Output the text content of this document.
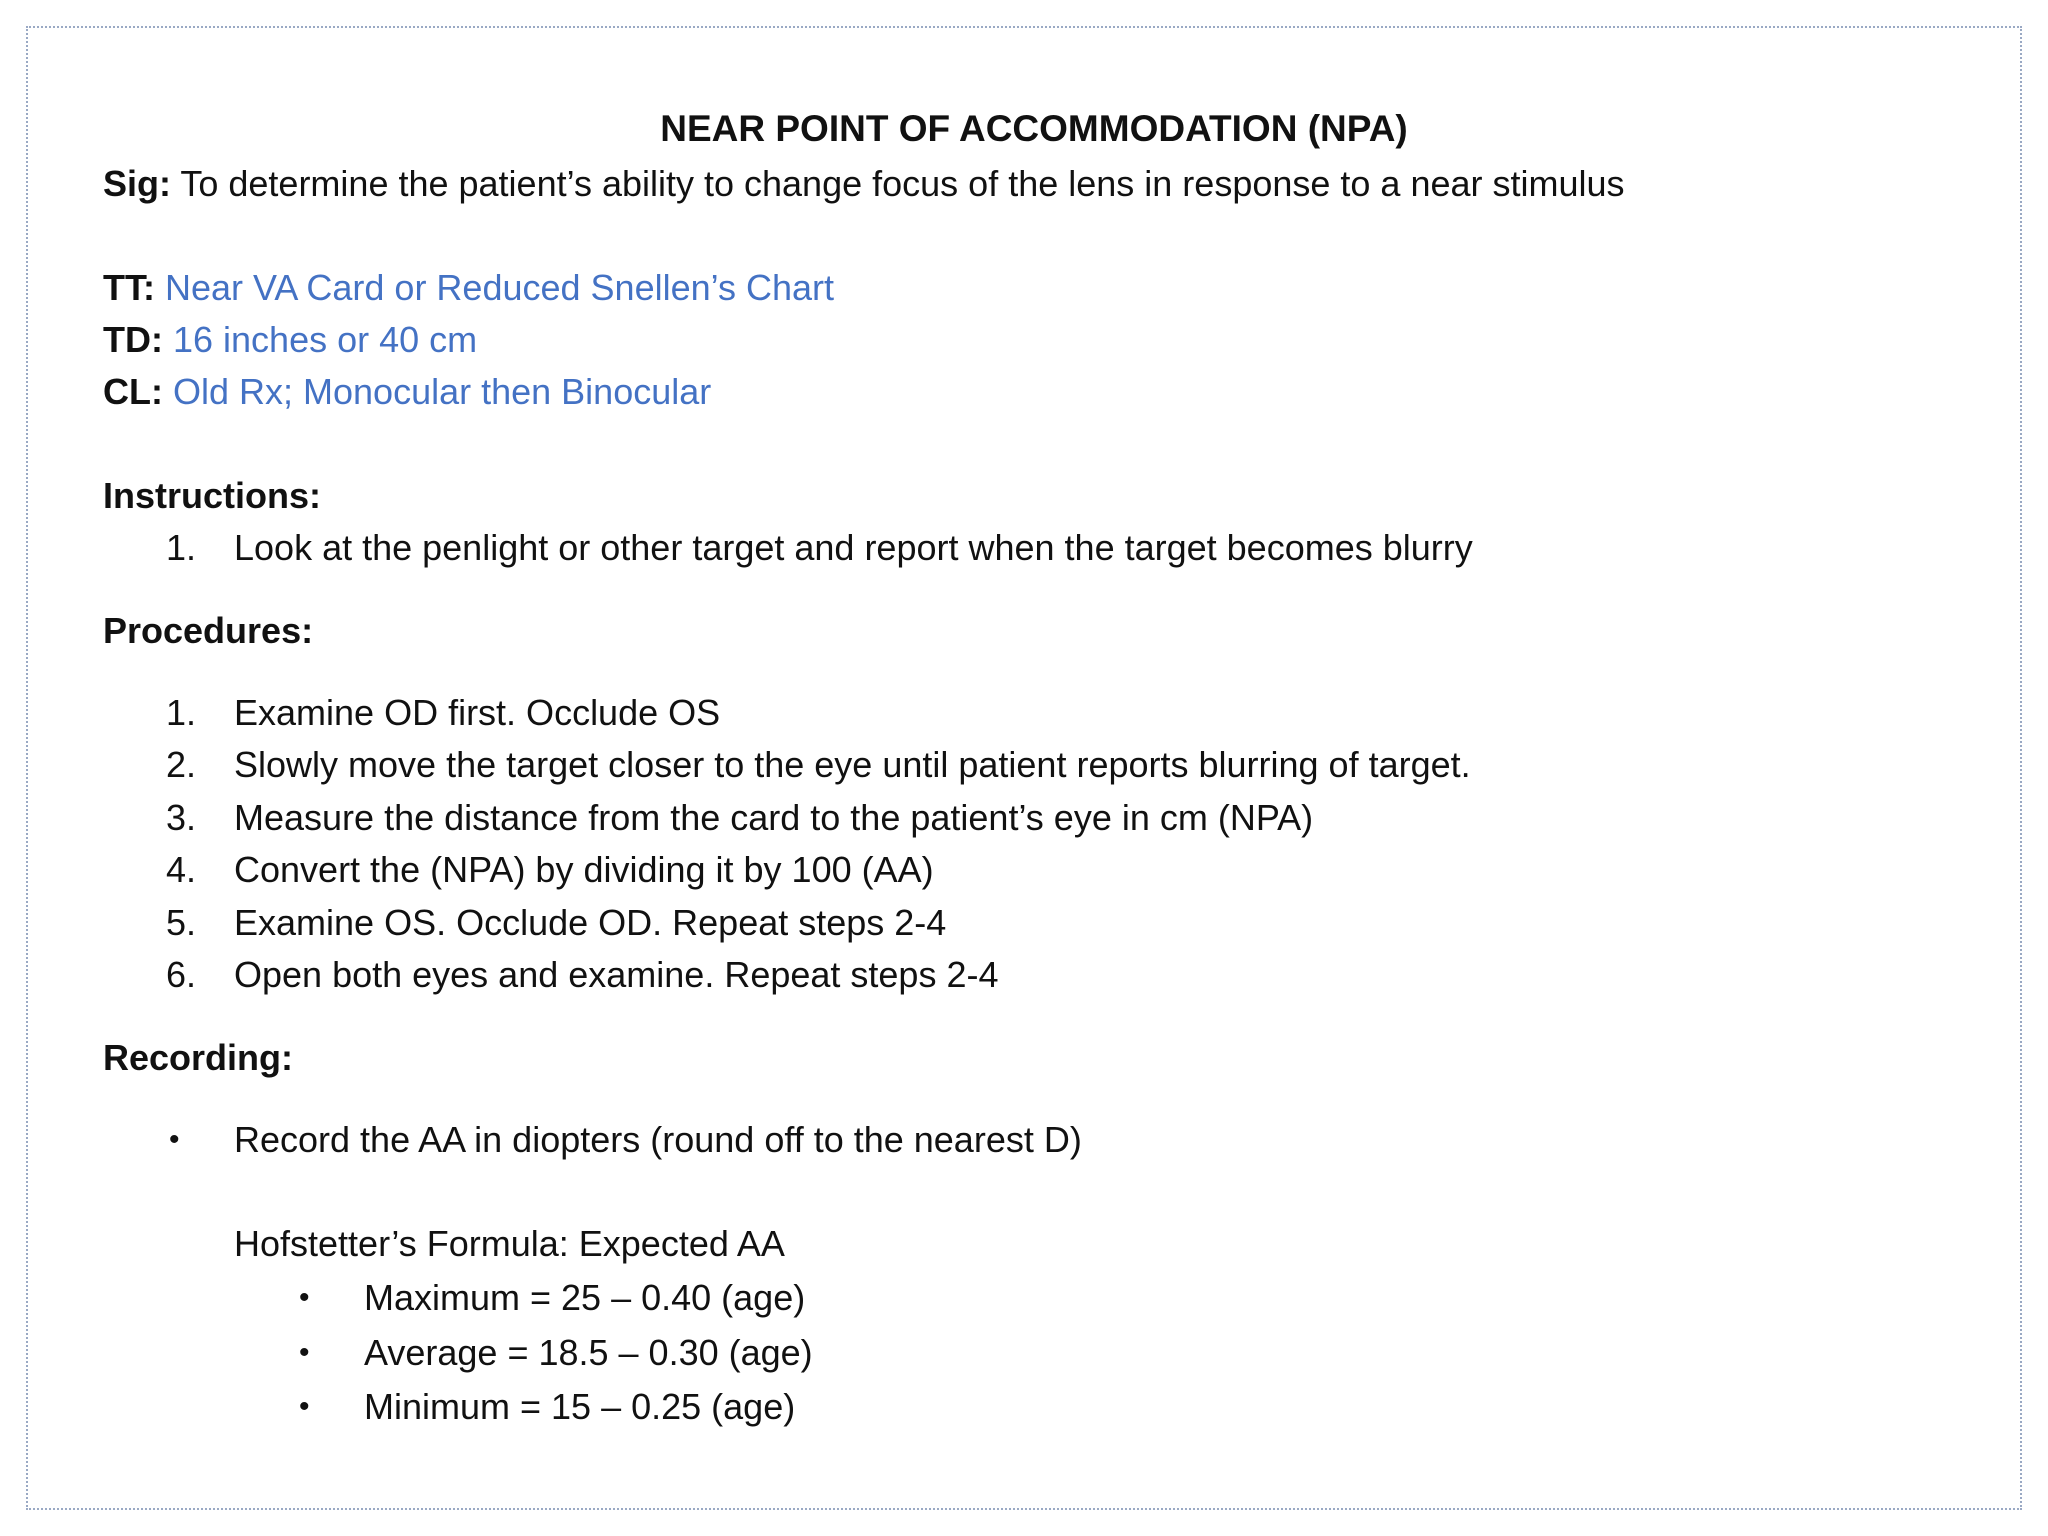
NEAR POINT OF ACCOMMODATION (NPA)

Sig: To determine the patient’s ability to change focus of the lens in response to a near stimulus

TT: Near VA Card or Reduced Snellen’s Chart

TD: 16 inches or 40 cm

CL: Old Rx; Monocular then Binocular

Instructions:

1. Look at the penlight or other target and report when the target becomes blurry

Procedures:

1. Examine OD first. Occlude OS
2. Slowly move the target closer to the eye until patient reports blurring of target.
3. Measure the distance from the card to the patient’s eye in cm (NPA)
4. Convert the (NPA) by dividing it by 100 (AA)
5. Examine OS. Occlude OD. Repeat steps 2-4
6. Open both eyes and examine. Repeat steps 2-4

Recording:

• Record the AA in diopters (round off to the nearest D)
Hofstetter’s Formula: Expected AA
• Maximum = 25 – 0.40 (age)
• Average = 18.5 – 0.30 (age)
• Minimum = 15 – 0.25 (age)
